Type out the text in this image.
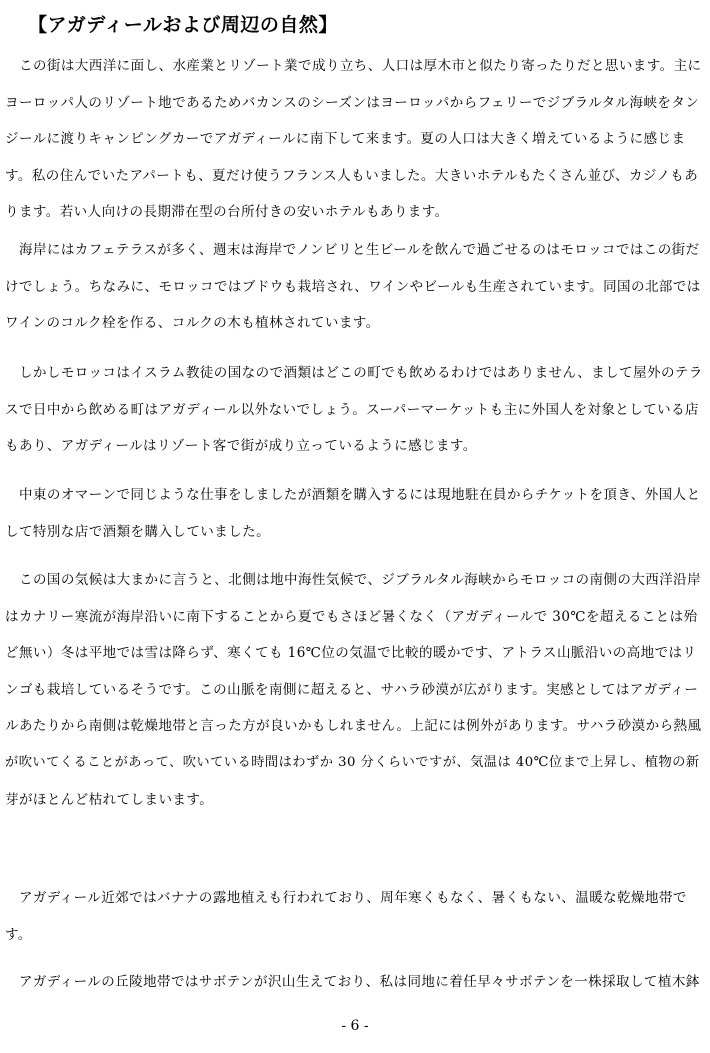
【アガディールおよび周辺の自然】
この街は大西洋に面し、水産業とリゾート業で成り立ち、人口は厚木市と似たり寄ったりだと思います。主に
ヨーロッパ人のリゾート地であるためバカンスのシーズンはヨーロッパからフェリーでジブラルタル海峡をタン
ジールに渡りキャンピングカーでアガディールに南下して来ます。夏の人口は大きく増えているように感じま
す。私の住んでいたアパートも、夏だけ使うフランス人もいました。大きいホテルもたくさん並び、カジノもあ
ります。若い人向けの長期滞在型の台所付きの安いホテルもあります。
海岸にはカフェテラスが多く、週末は海岸でノンビリと生ビールを飲んで過ごせるのはモロッコではこの街だ
けでしょう。ちなみに、モロッコではブドウも栽培され、ワインやビールも生産されています。同国の北部では
ワインのコルク栓を作る、コルクの木も植林されています。
しかしモロッコはイスラム教徒の国なので酒類はどこの町でも飲めるわけではありません、まして屋外のテラ
スで日中から飲める町はアガディール以外ないでしょう。スーパーマーケットも主に外国人を対象としている店
もあり、アガディールはリゾート客で街が成り立っているように感じます。
中東のオマーンで同じような仕事をしましたが酒類を購入するには現地駐在員からチケットを頂き、外国人と
して特別な店で酒類を購入していました。
この国の気候は大まかに言うと、北側は地中海性気候で、ジブラルタル海峡からモロッコの南側の大西洋沿岸
はカナリー寒流が海岸沿いに南下することから夏でもさほど暑くなく（アガディールで 30℃を超えることは殆
ど無い）冬は平地では雪は降らず、寒くても 16℃位の気温で比較的暖かです、アトラス山脈沿いの高地ではリ
ンゴも栽培しているそうです。この山脈を南側に超えると、サハラ砂漠が広がります。実感としてはアガディー
ルあたりから南側は乾燥地帯と言った方が良いかもしれません。上記には例外があります。サハラ砂漠から熱風
が吹いてくることがあって、吹いている時間はわずか 30 分くらいですが、気温は 40℃位まで上昇し、植物の新
芽がほとんど枯れてしまいます。
アガディール近郊ではバナナの露地植えも行われており、周年寒くもなく、暑くもない、温暖な乾燥地帯で
す。
アガディールの丘陵地帯ではサボテンが沢山生えており、私は同地に着任早々サボテンを一株採取して植木鉢
- 6 -
